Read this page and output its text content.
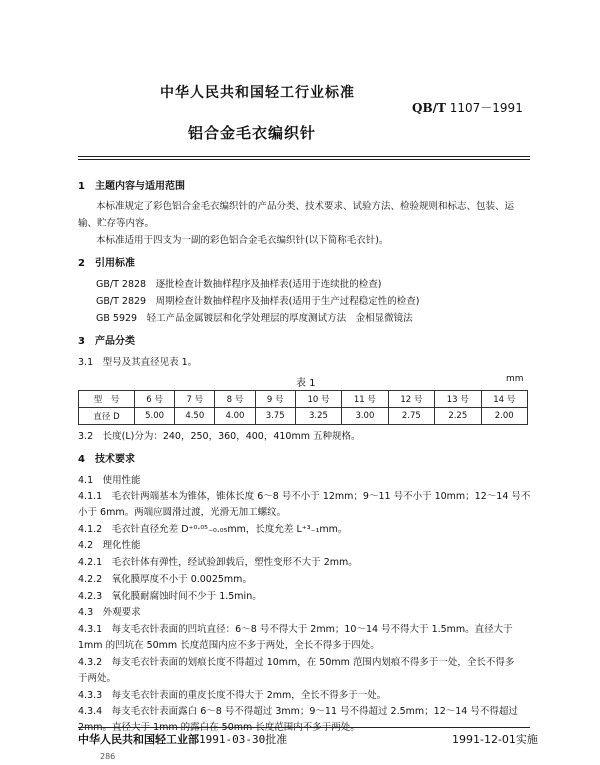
中华人民共和国轻工行业标准
QB/T 1107－1991
铝合金毛衣编织针
1　主题内容与适用范围
本标准规定了彩色铝合金毛衣编织针的产品分类、技术要求、试验方法、检验规则和标志、包装、运
输、贮存等内容。
本标准适用于四支为一副的彩色铝合金毛衣编织针(以下简称毛衣针)。
2　引用标准
GB/T 2828　逐批检查计数抽样程序及抽样表(适用于连续批的检查)
GB/T 2829　周期检查计数抽样程序及抽样表(适用于生产过程稳定性的检查)
GB 5929　轻工产品金属镀层和化学处理层的厚度测试方法　金相显微镜法
3　产品分类
3.1　型号及其直径见表 1。
表 1	mm
型　号	6 号	7 号	8 号	9 号	10 号	11 号	12 号	13 号	14 号
直径 D	5.00	4.50	4.00	3.75	3.25	3.00	2.75	2.25	2.00
3.2　长度(L)分为：240，250，360，400，410mm 五种规格。
4　技术要求
4.1　使用性能
4.1.1　毛衣针两端基本为锥体，锥体长度 6～8 号不小于 12mm；9～11 号不小于 10mm；12～14 号不
小于 6mm。两端应圆滑过渡，光滑无加工螺纹。
4.1.2　毛衣针直径允差 D⁺⁰·⁰⁵₋₀.₀₅mm，长度允差 L⁺³₋₁mm。
4.2　理化性能
4.2.1　毛衣针体有弹性，经试验卸载后，塑性变形不大于 2mm。
4.2.2　氧化膜厚度不小于 0.0025mm。
4.2.3　氧化膜耐腐蚀时间不少于 1.5min。
4.3　外观要求
4.3.1　每支毛衣针表面的凹坑直径：6～8 号不得大于 2mm；10～14 号不得大于 1.5mm。直径大于
1mm 的凹坑在 50mm 长度范围内应不多于两处，全长不得多于四处。
4.3.2　每支毛衣针表面的划痕长度不得超过 10mm，在 50mm 范围内划痕不得多于一处，全长不得多
于两处。
4.3.3　每支毛衣针表面的重皮长度不得大于 2mm，全长不得多于一处。
4.3.4　每支毛衣针表面露白 6～8 号不得超过 3mm；9～11 号不得超过 2.5mm；12～14 号不得超过
2mm。直径大于 1mm 的露白在 50mm 长度范围内不多于两处。
中华人民共和国轻工业部1991-03-30批准	1991-12-01实施
286
